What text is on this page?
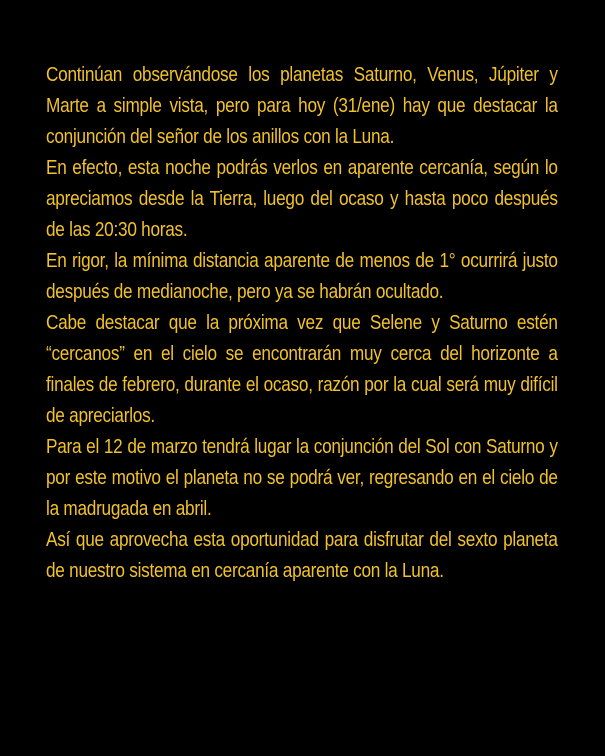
Continúan observándose los planetas Saturno, Venus, Júpiter y Marte a simple vista, pero para hoy (31/ene) hay que destacar la conjunción del señor de los anillos con la Luna.

En efecto, esta noche podrás verlos en aparente cercanía, según lo apreciamos desde la Tierra, luego del ocaso y hasta poco después de las 20:30 horas.

En rigor, la mínima distancia aparente de menos de 1° ocurrirá justo después de medianoche, pero ya se habrán ocultado.

Cabe destacar que la próxima vez que Selene y Saturno estén “cercanos” en el cielo se encontrarán muy cerca del horizonte a finales de febrero, durante el ocaso, razón por la cual será muy difícil de apreciarlos.

Para el 12 de marzo tendrá lugar la conjunción del Sol con Saturno y por este motivo el planeta no se podrá ver, regresando en el cielo de la madrugada en abril.

Así que aprovecha esta oportunidad para disfrutar del sexto planeta de nuestro sistema en cercanía aparente con la Luna.
